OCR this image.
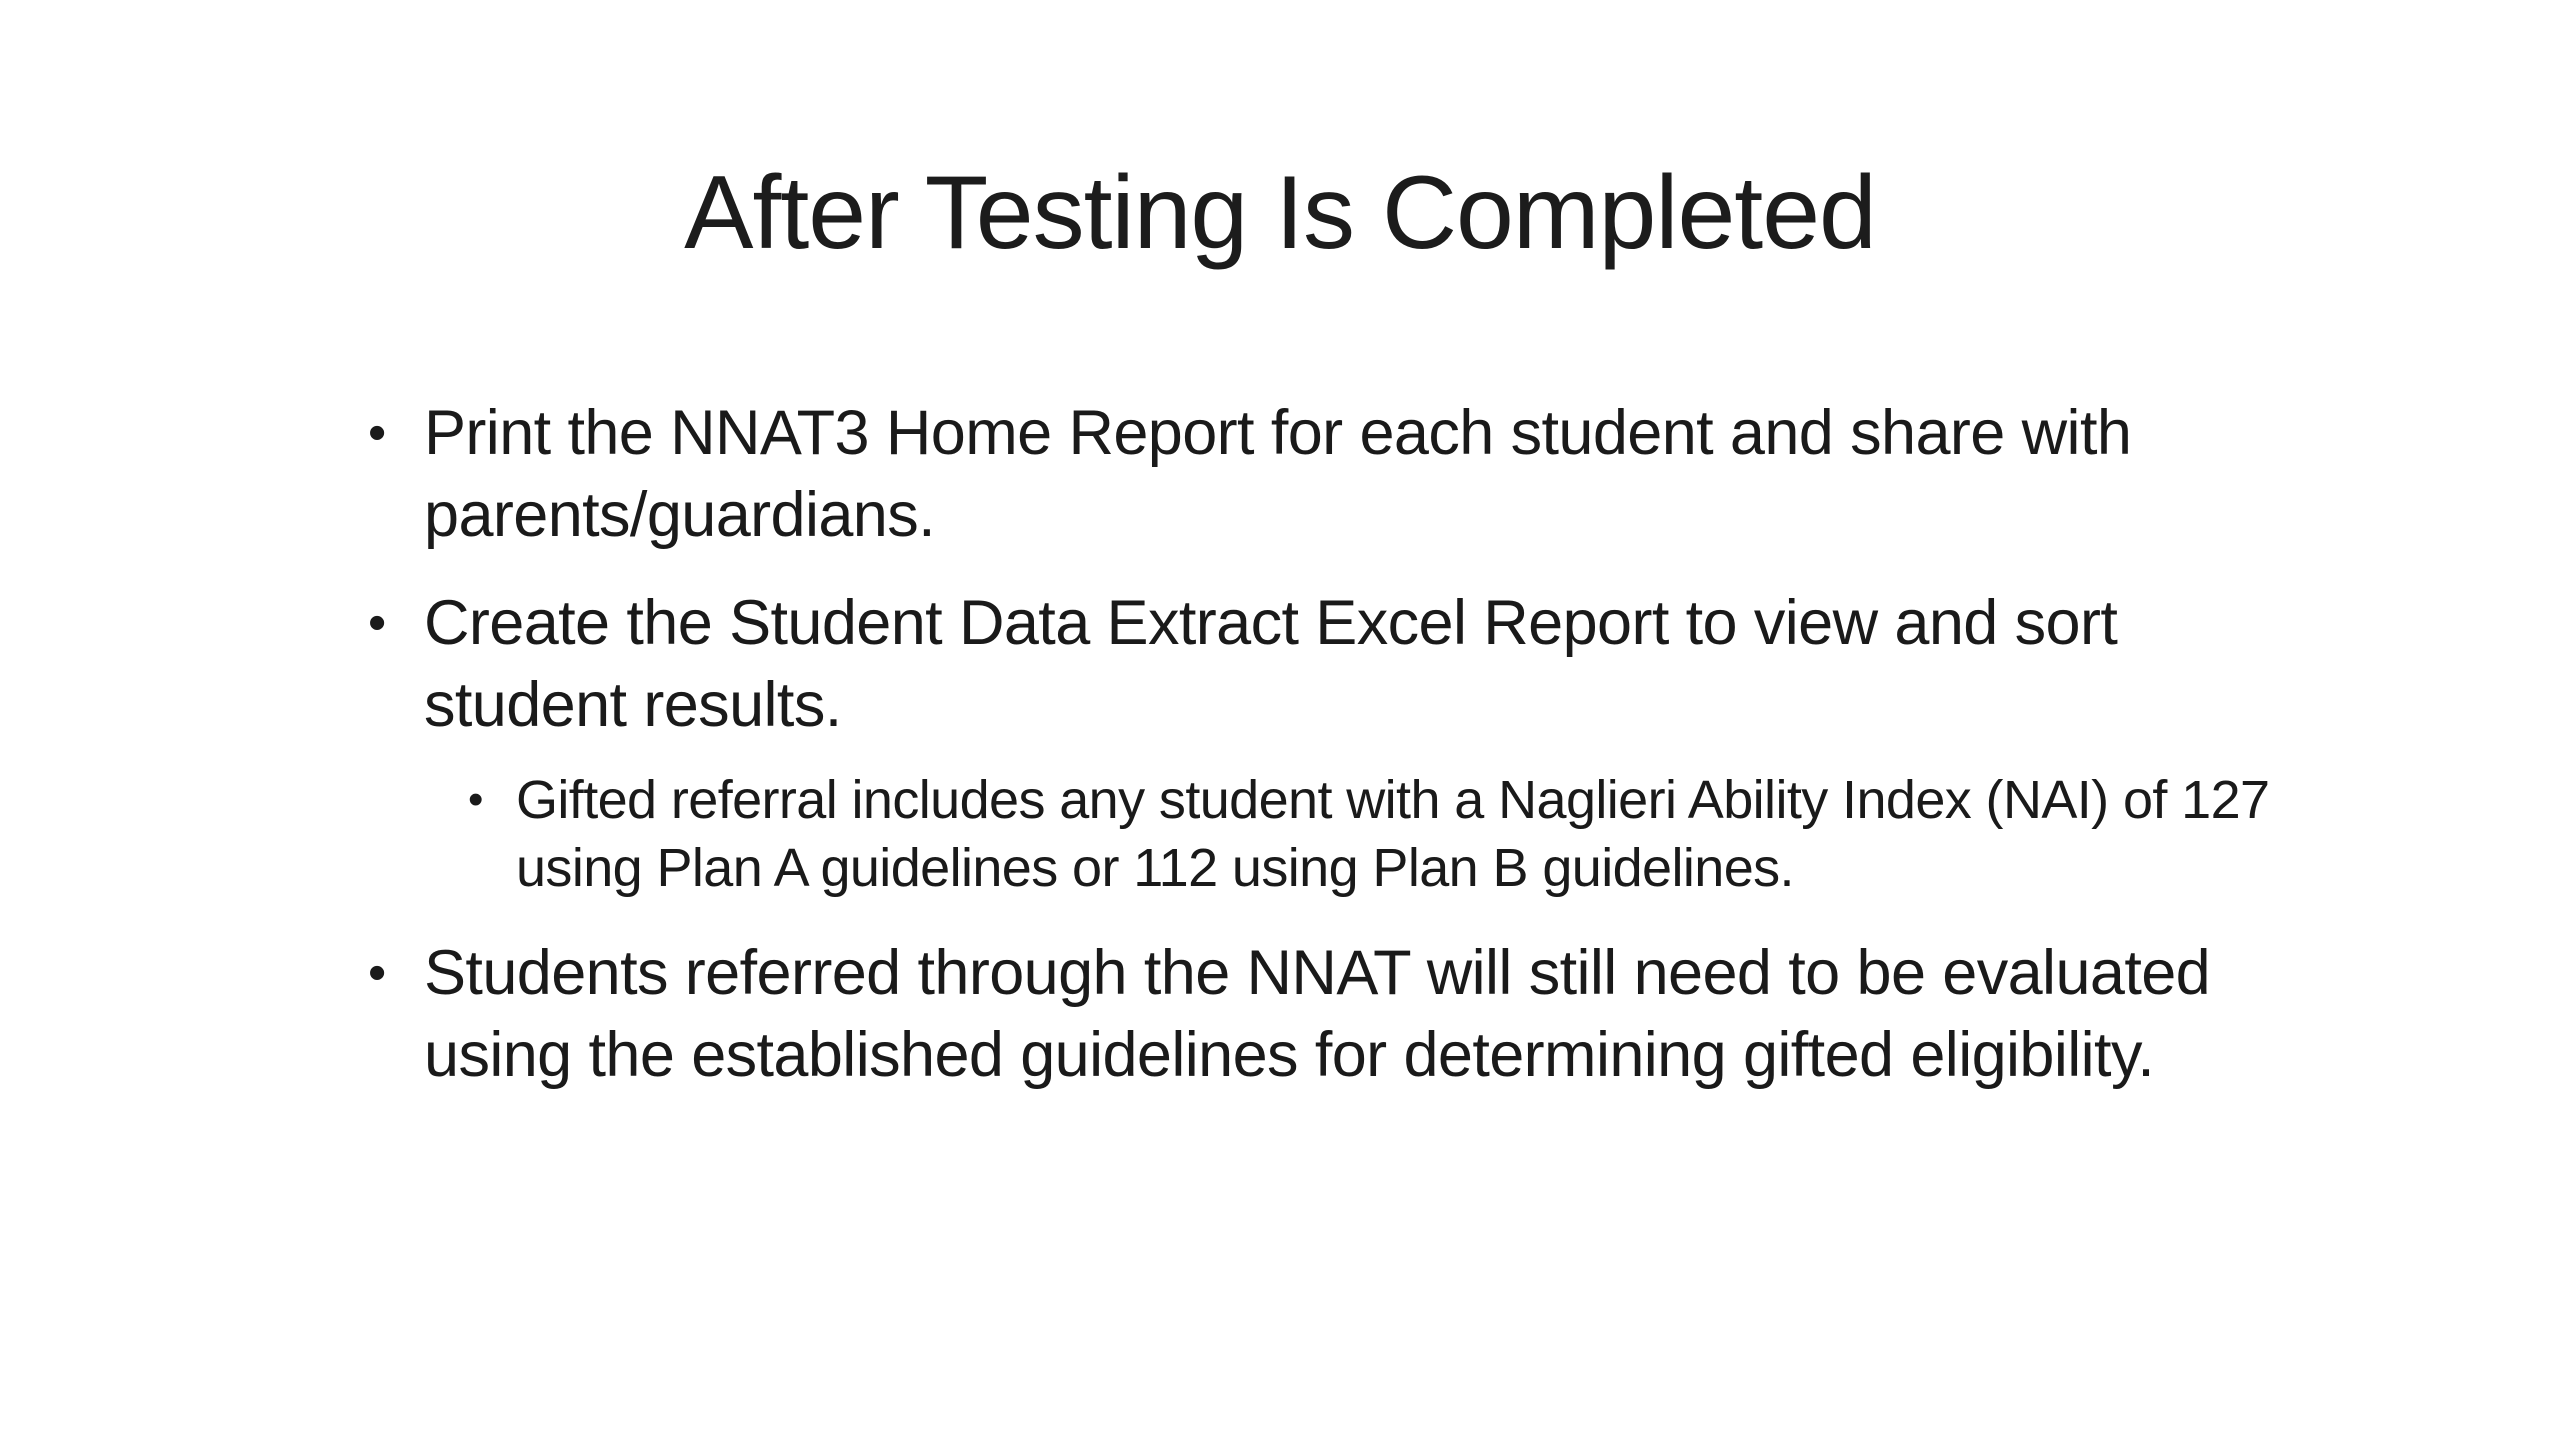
After Testing Is Completed
• Print the NNAT3 Home Report for each student and share with parents/guardians.
• Create the Student Data Extract Excel Report to view and sort student results.
• Gifted referral includes any student with a Naglieri Ability Index (NAI) of 127 using Plan A guidelines or 112 using Plan B guidelines.
• Students referred through the NNAT will still need to be evaluated using the established guidelines for determining gifted eligibility.
